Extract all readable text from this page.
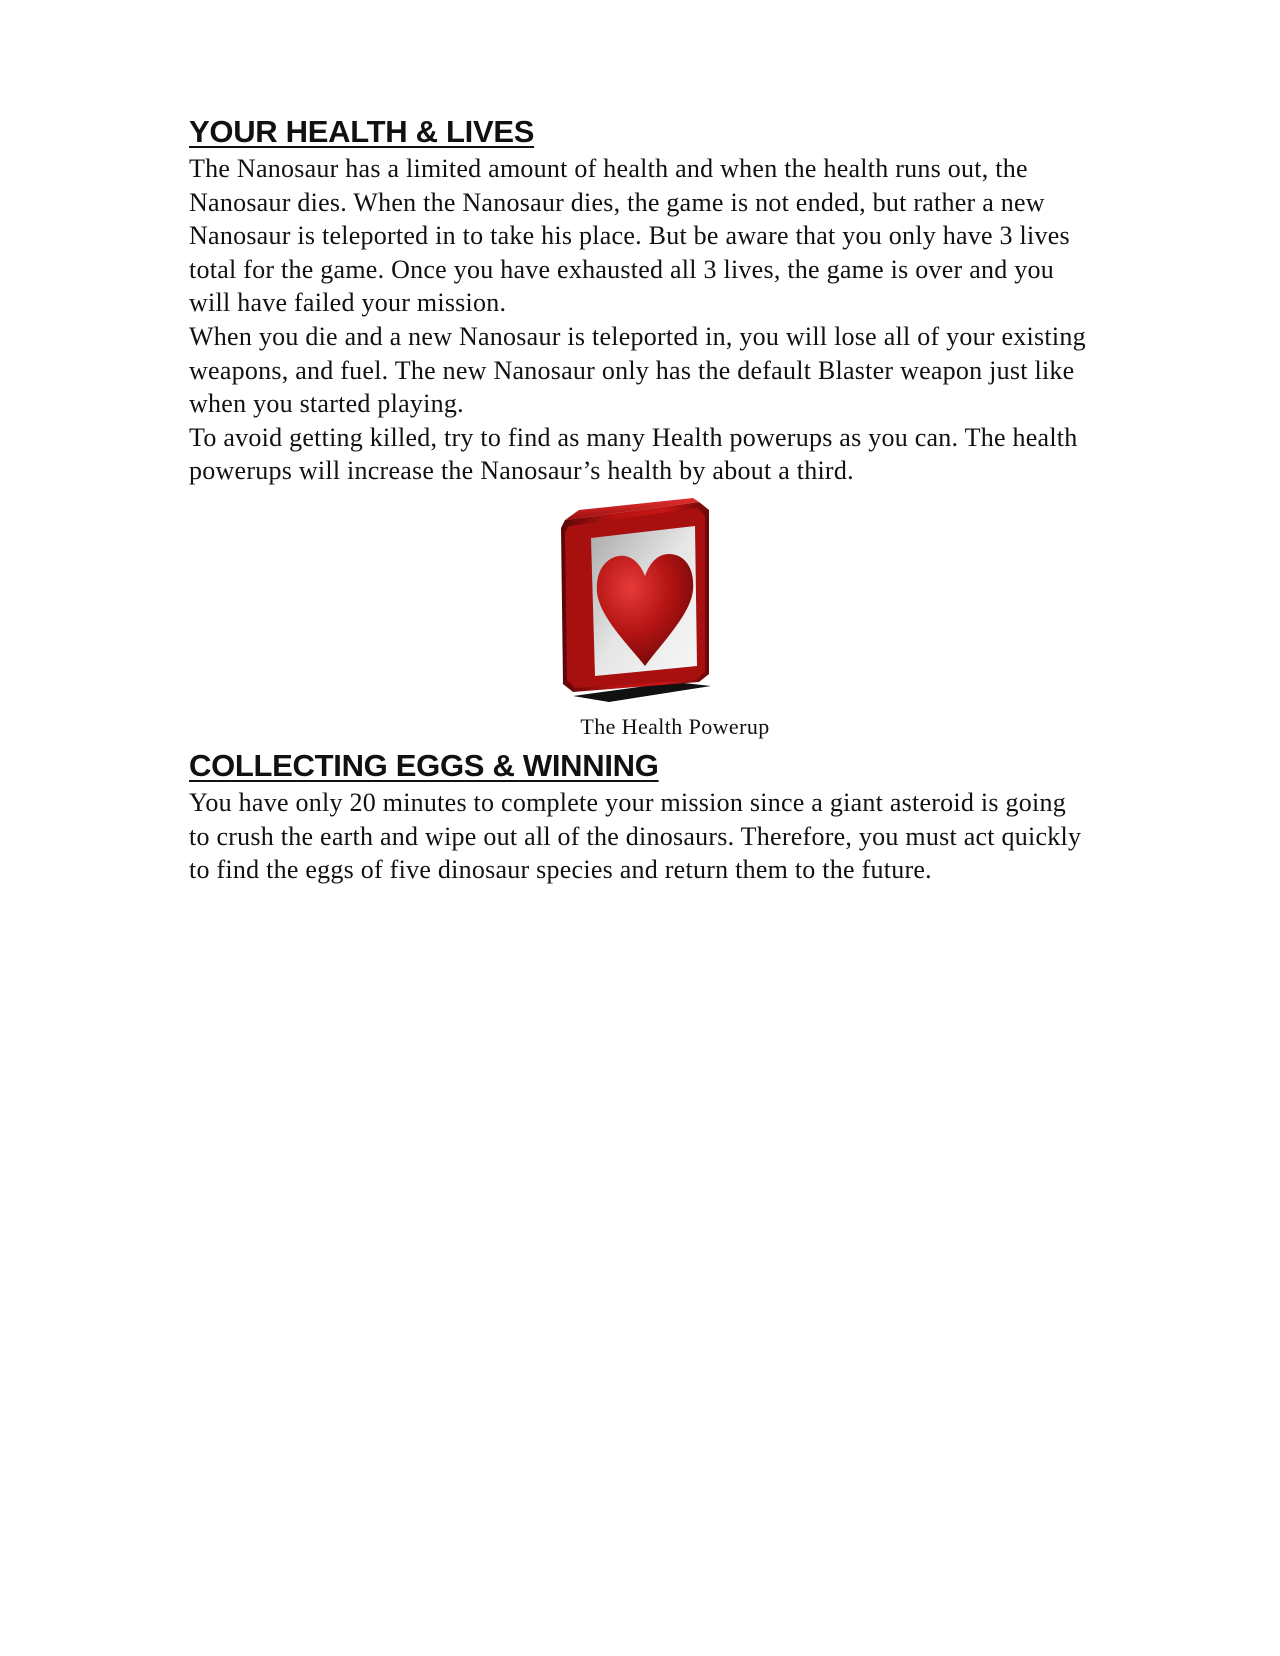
YOUR HEALTH & LIVES

The Nanosaur has a limited amount of health and when the health runs out, the Nanosaur dies. When the Nanosaur dies, the game is not ended, but rather a new Nanosaur is teleported in to take his place. But be aware that you only have 3 lives total for the game. Once you have exhausted all 3 lives, the game is over and you will have failed your mission.

When you die and a new Nanosaur is teleported in, you will lose all of your existing weapons, and fuel. The new Nanosaur only has the default Blaster weapon just like when you started playing.

To avoid getting killed, try to find as many Health powerups as you can. The health powerups will increase the Nanosaur’s health by about a third.

The Health Powerup
COLLECTING EGGS & WINNING

You have only 20 minutes to complete your mission since a giant asteroid is going to crush the earth and wipe out all of the dinosaurs. Therefore, you must act quickly to find the eggs of five dinosaur species and return them to the future.
